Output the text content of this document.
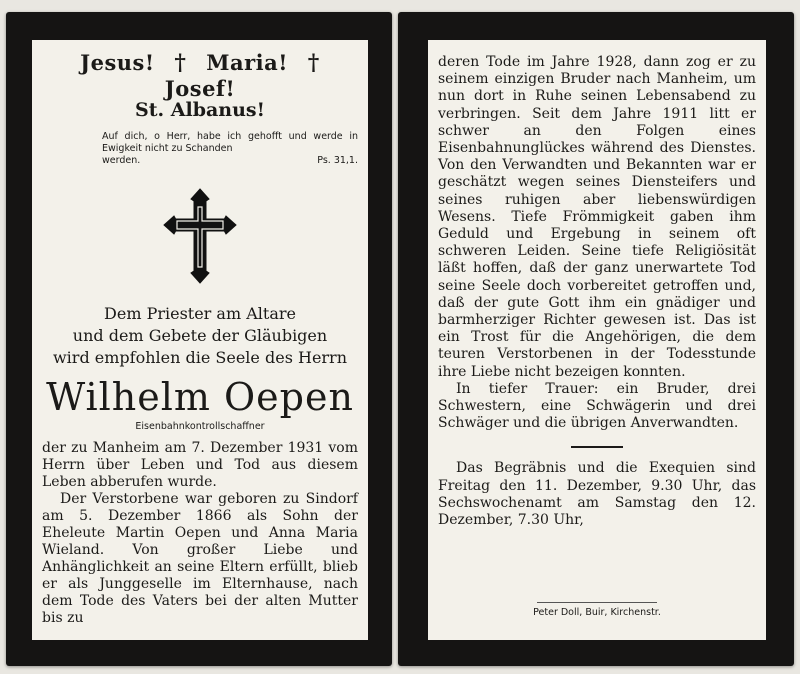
Jesus! † Maria! † Josef!
St. Albanus!
Auf dich, o Herr, habe ich gehofft und werde in Ewigkeit nicht zu Schanden
werden.	Ps. 31,1.
Dem Priester am Altare
und dem Gebete der Gläubigen
wird empfohlen die Seele des Herrn
Wilhelm Oepen
Eisenbahnkontrollschaffner

der zu Manheim am 7. Dezember 1931 vom Herrn über Leben und Tod aus diesem Leben abberufen wurde.

Der Verstorbene war geboren zu Sindorf am 5. Dezember 1866 als Sohn der Eheleute Martin Oepen und Anna Maria Wieland. Von großer Liebe und Anhänglichkeit an seine Eltern erfüllt, blieb er als Junggeselle im Elternhause, nach dem Tode des Vaters bei der alten Mutter bis zu

deren Tode im Jahre 1928, dann zog er zu seinem einzigen Bruder nach Manheim, um nun dort in Ruhe seinen Lebensabend zu verbringen. Seit dem Jahre 1911 litt er schwer an den Folgen eines Eisenbahnunglückes während des Dienstes. Von den Verwandten und Bekannten war er geschätzt wegen seines Diensteifers und seines ruhigen aber liebenswürdigen Wesens. Tiefe Frömmigkeit gaben ihm Geduld und Ergebung in seinem oft schweren Leiden. Seine tiefe Religiösität läßt hoffen, daß der ganz unerwartete Tod seine Seele doch vorbereitet getroffen und, daß der gute Gott ihm ein gnädiger und barmherziger Richter gewesen ist. Das ist ein Trost für die Angehörigen, die dem teuren Verstorbenen in der Todesstunde ihre Liebe nicht bezeigen konnten.

In tiefer Trauer: ein Bruder, drei Schwestern, eine Schwägerin und drei Schwäger und die übrigen Anverwandten.

Das Begräbnis und die Exequien sind Freitag den 11. Dezember, 9.30 Uhr, das Sechswochenamt am Samstag den 12. Dezember, 7.30 Uhr,

Peter Doll, Buir, Kirchenstr.
